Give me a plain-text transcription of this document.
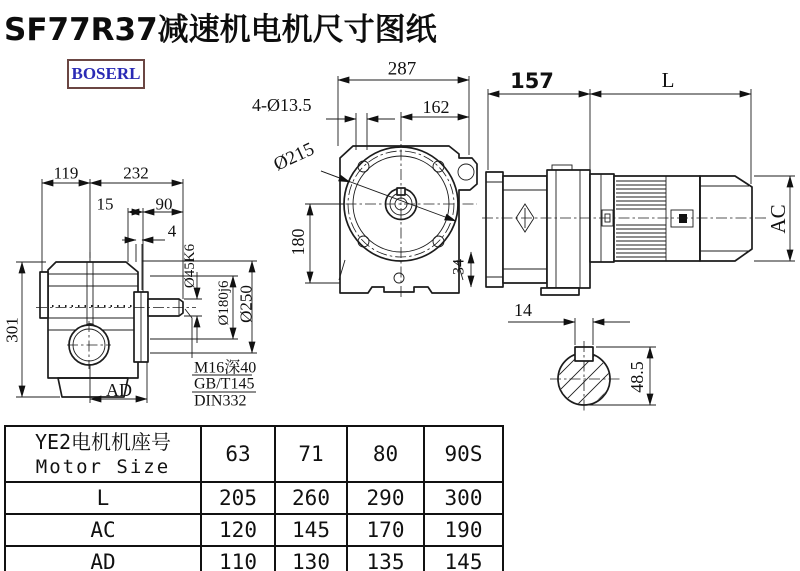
SF77R37减速机电机尺寸图纸
BOSERL
301
119	232
15 90
4
Ø45K6
Ø180j6 Ø250
AD
M16深40
GB/T145
DIN332
287
162
4-Ø13.5
Ø215
180
34
157	L
AC
14
48.5
YE2电机机座号
Motor Size	63	71	80	90S
L	205	260	290	300
AC	120	145	170	190
AD	110	130	135	145
